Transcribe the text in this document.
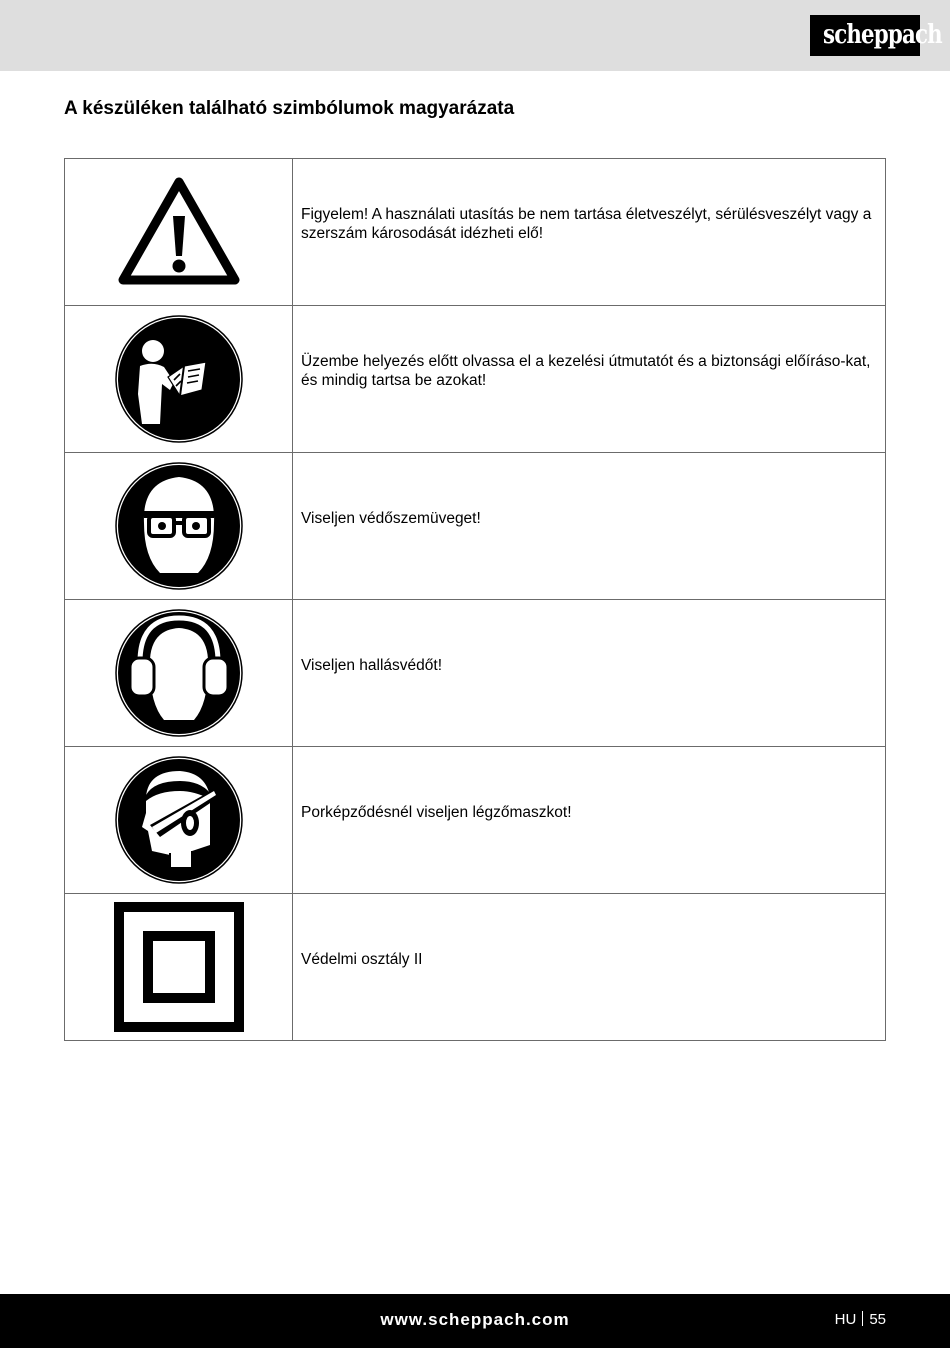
scheppach
A készüléken található szimbólumok magyarázata

Figyelem! A használati utasítás be nem tartása életveszélyt, sérülésveszélyt vagy a szerszám károsodását idézheti elő!

Üzembe helyezés előtt olvassa el a kezelési útmutatót és a biztonsági előíráso-kat, és mindig tartsa be azokat!

Viseljen védőszemüveget!

Viseljen hallásvédőt!

Porképződésnél viseljen légzőmaszkot!

Védelmi osztály II

www.scheppach.com	HU 55
